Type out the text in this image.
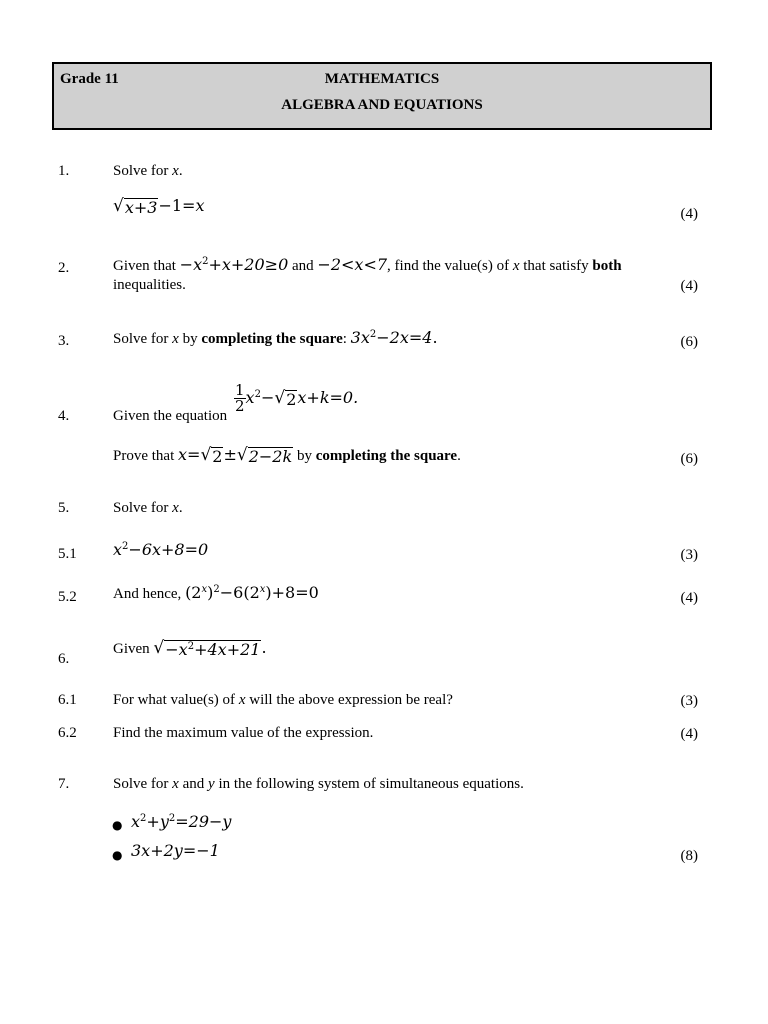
Grade 11	MATHEMATICS
ALGEBRA AND EQUATIONS
1.	Solve for x.
√ x+3 −1=x	(4)
2.	Given that $-x^2+x+20\ge 0$ and −2<x<7, find the value(s) of x that satisfy both
inequalities.	(4)
3.	Solve for x by completing the square: $3x^2-2x=4$.	(6)
4.	Given the equation
$\frac{1}{2} x^2-$ √ 2 x+k=0.
Prove that x= √ 2 ± √ 2−2k by completing the square.	(6)
5.	Solve for x.
5.1 $x^2-6x+8=0$	(3)
5.2 And hence, $(2^x)^2-6(2^x)+8=0$	(4)
6.
Given √ $-x^2+4x+21$ .
6.1 For what value(s) of x will the above expression be real?	(3)
6.2 Find the maximum value of the expression.	(4)
7.	Solve for x and y in the following system of simultaneous equations.
● $x^2+y^2=29-y$
● 3x+2y=−1	(8)
